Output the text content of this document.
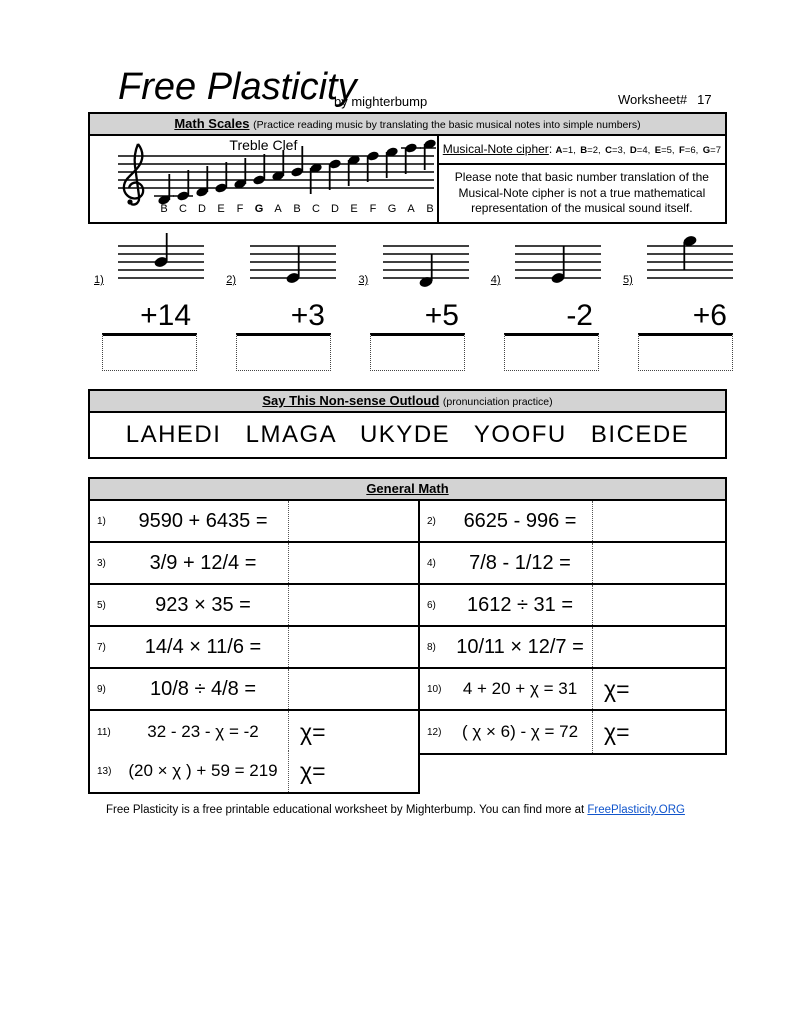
Free Plasticity
by mighterbump	Worksheet# 17
Math Scales (Practice reading music by translating the basic musical notes into simple numbers)
Treble Clef
B C D E F G A B C D E F G A B
Musical-Note cipher: A=1, B=2, C=3, D=4, E=5, F=6, G=7
Please note that basic number translation of the Musical-Note cipher is not a true mathematical representation of the musical sound itself.
1)	2)	3)	4)	5)
+14	+3	+5	-2	+6
Say This Non-sense Outloud (pronunciation practice)
LAHEDI LMAGA UKYDE YOOFU BICEDE
General Math
1)	9590 + 6435 =	2)	6625 - 996 =
3)	3/9 + 12/4 =	4)	7/8 - 1/12 =
5)	923 × 35 =	6)	1612 ÷ 31 =
7)	14/4 × 11/6 =	8)	10/11 × 12/7 =
9)	10/8 ÷ 4/8 =	10)	4 + 20 + χ = 31	χ=
11)	32 - 23 - χ = -2	χ=	12)	( χ × 6) - χ = 72	χ=
13) (20 × χ ) + 59 = 219 χ=
Free Plasticity is a free printable educational worksheet by Mighterbump. You can find more at FreePlasticity.ORG
